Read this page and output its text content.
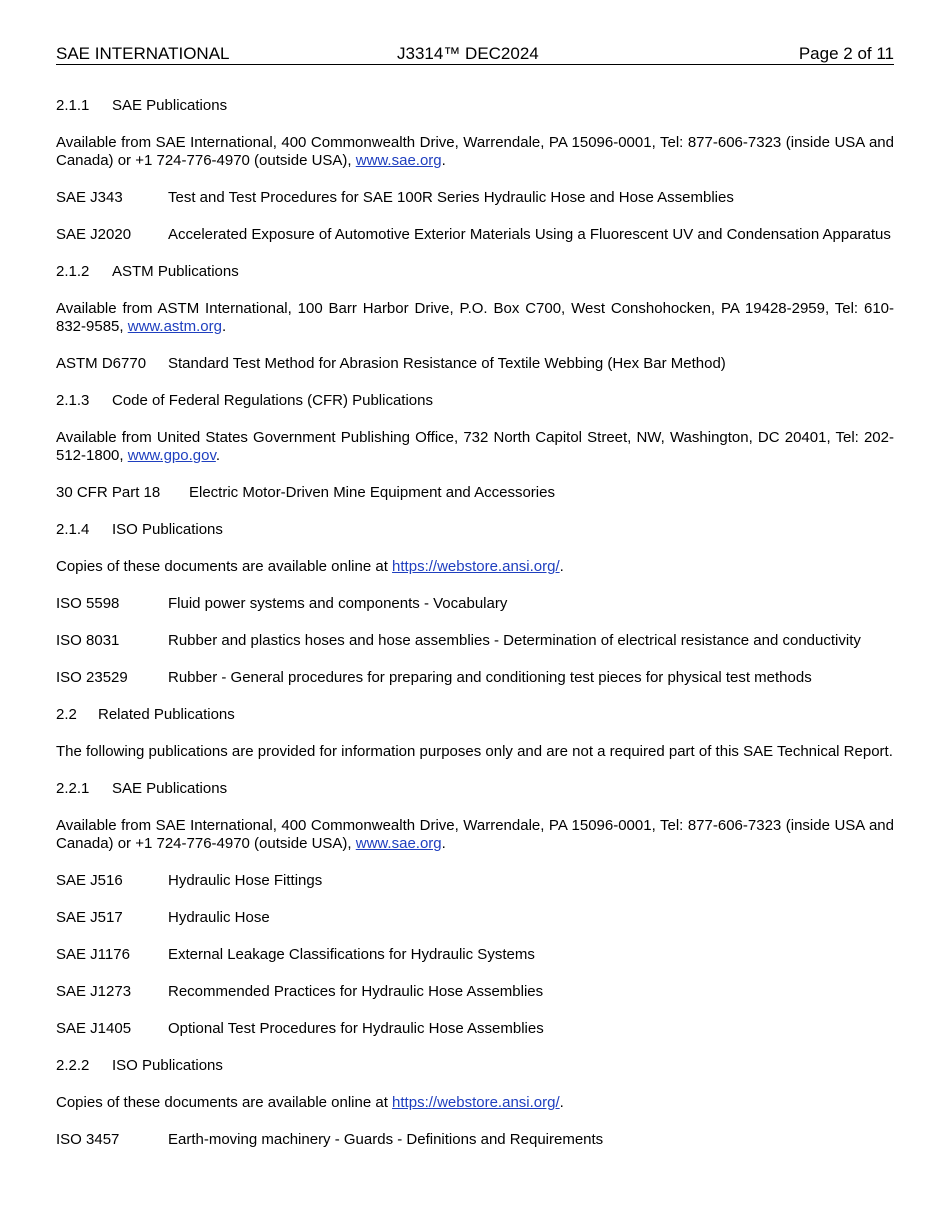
SAE INTERNATIONAL	J3314™ DEC2024	Page 2 of 11
2.1.1	SAE Publications
Available from SAE International, 400 Commonwealth Drive, Warrendale, PA 15096-0001, Tel: 877-606-7323 (inside USA and Canada) or +1 724-776-4970 (outside USA), www.sae.org.
SAE J343	Test and Test Procedures for SAE 100R Series Hydraulic Hose and Hose Assemblies
SAE J2020	Accelerated Exposure of Automotive Exterior Materials Using a Fluorescent UV and Condensation Apparatus
2.1.2	ASTM Publications
Available from ASTM International, 100 Barr Harbor Drive, P.O. Box C700, West Conshohocken, PA 19428-2959, Tel: 610-832-9585, www.astm.org.
ASTM D6770	Standard Test Method for Abrasion Resistance of Textile Webbing (Hex Bar Method)
2.1.3	Code of Federal Regulations (CFR) Publications
Available from United States Government Publishing Office, 732 North Capitol Street, NW, Washington, DC 20401, Tel: 202-512-1800, www.gpo.gov.
30 CFR Part 18	Electric Motor-Driven Mine Equipment and Accessories
2.1.4	ISO Publications
Copies of these documents are available online at https://webstore.ansi.org/.
ISO 5598	Fluid power systems and components - Vocabulary
ISO 8031	Rubber and plastics hoses and hose assemblies - Determination of electrical resistance and conductivity
ISO 23529	Rubber - General procedures for preparing and conditioning test pieces for physical test methods
2.2	Related Publications
The following publications are provided for information purposes only and are not a required part of this SAE Technical Report.
2.2.1	SAE Publications
Available from SAE International, 400 Commonwealth Drive, Warrendale, PA 15096-0001, Tel: 877-606-7323 (inside USA and Canada) or +1 724-776-4970 (outside USA), www.sae.org.
SAE J516	Hydraulic Hose Fittings
SAE J517	Hydraulic Hose
SAE J1176	External Leakage Classifications for Hydraulic Systems
SAE J1273	Recommended Practices for Hydraulic Hose Assemblies
SAE J1405	Optional Test Procedures for Hydraulic Hose Assemblies
2.2.2	ISO Publications
Copies of these documents are available online at https://webstore.ansi.org/.
ISO 3457	Earth-moving machinery - Guards - Definitions and Requirements
